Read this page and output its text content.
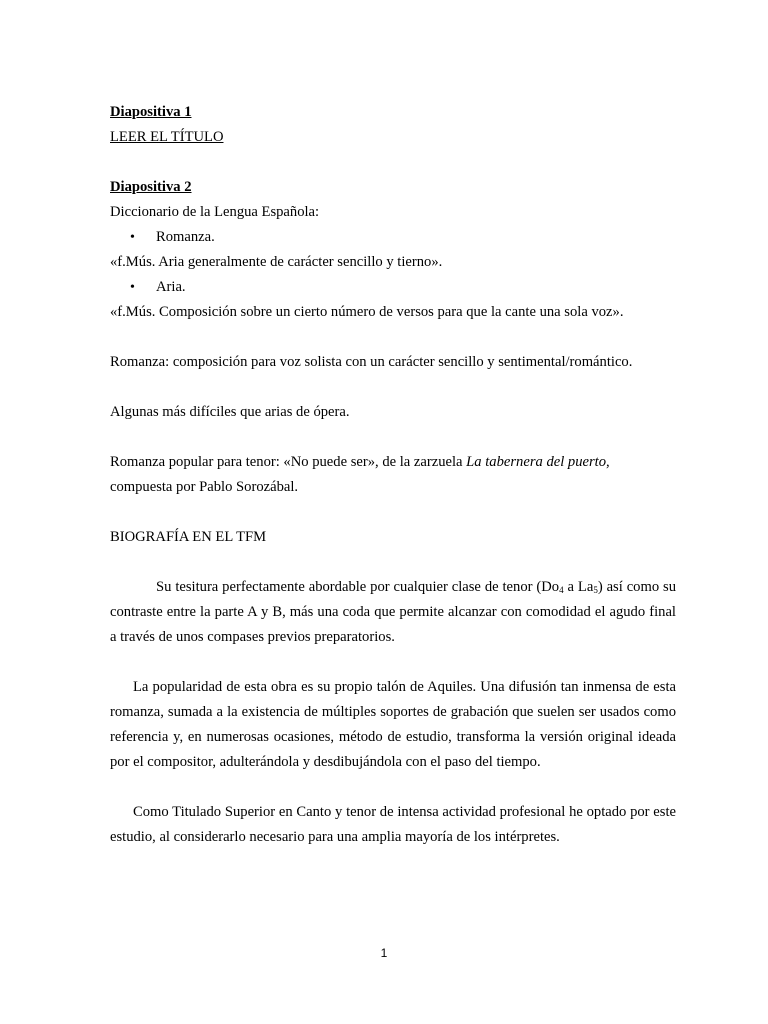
Diapositiva 1
LEER EL TÍTULO
Diapositiva 2
Diccionario de la Lengua Española:
• Romanza.
«f.Mús. Aria generalmente de carácter sencillo y tierno».
• Aria.
«f.Mús. Composición sobre un cierto número de versos para que la cante una sola voz».
Romanza: composición para voz solista con un carácter sencillo y sentimental/romántico.
Algunas más difíciles que arias de ópera.
Romanza popular para tenor: «No puede ser», de la zarzuela La tabernera del puerto,
compuesta por Pablo Sorozábal.
BIOGRAFÍA EN EL TFM
Su tesitura perfectamente abordable por cualquier clase de tenor ($Do_4$ a $La_5$) así como su contraste entre la parte A y B, más una coda que permite alcanzar con comodidad el agudo final a través de unos compases previos preparatorios.
La popularidad de esta obra es su propio talón de Aquiles. Una difusión tan inmensa de esta romanza, sumada a la existencia de múltiples soportes de grabación que suelen ser usados como referencia y, en numerosas ocasiones, método de estudio, transforma la versión original ideada por el compositor, adulterándola y desdibujándola con el paso del tiempo.
Como Titulado Superior en Canto y tenor de intensa actividad profesional he optado por este estudio, al considerarlo necesario para una amplia mayoría de los intérpretes.
1
